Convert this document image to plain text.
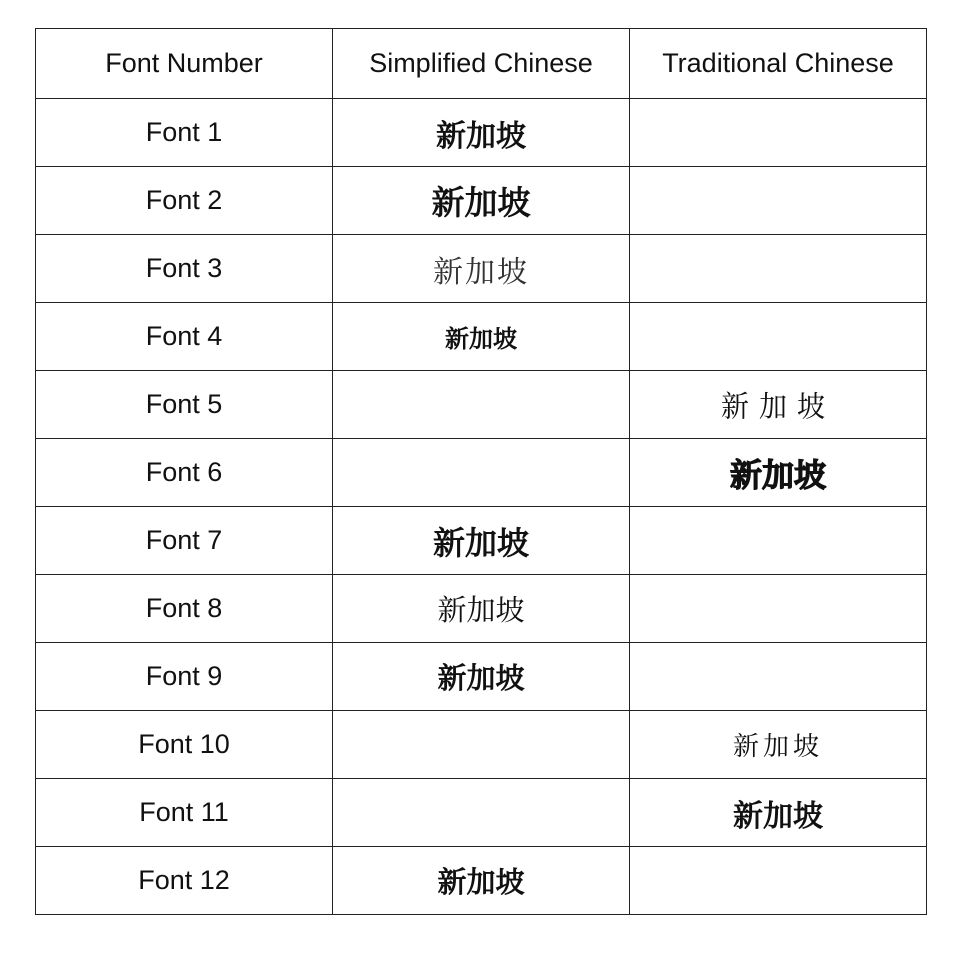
Font Number	Simplified Chinese	Traditional Chinese
Font 1	新加坡	
Font 2	新加坡	
Font 3	新加坡	
Font 4	新加坡	
Font 5		新加坡
Font 6		新加坡
Font 7	新加坡	
Font 8	新加坡	
Font 9	新加坡	
Font 10		新加坡
Font 11		新加坡
Font 12	新加坡	
